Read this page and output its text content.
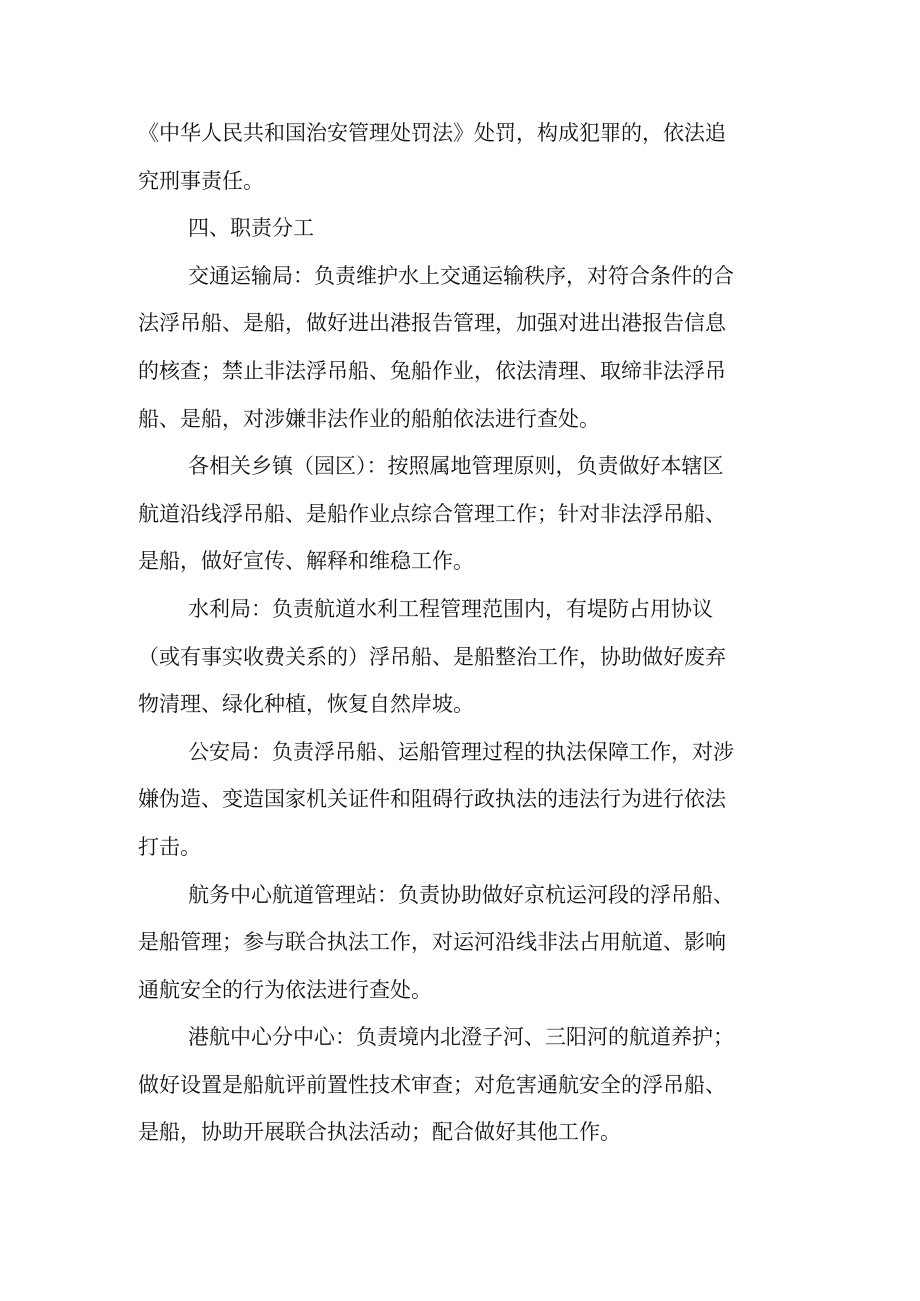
《中华人民共和国治安管理处罚法》处罚，构成犯罪的，依法追
究刑事责任。

四、职责分工

交通运输局：负责维护水上交通运输秩序，对符合条件的合
法浮吊船、是船，做好进出港报告管理，加强对进出港报告信息
的核查；禁止非法浮吊船、兔船作业，依法清理、取缔非法浮吊
船、是船，对涉嫌非法作业的船舶依法进行查处。

各相关乡镇（园区）：按照属地管理原则，负责做好本辖区
航道沿线浮吊船、是船作业点综合管理工作；针对非法浮吊船、
是船，做好宣传、解释和维稳工作。

水利局：负责航道水利工程管理范围内，有堤防占用协议
（或有事实收费关系的）浮吊船、是船整治工作，协助做好废弃
物清理、绿化种植，恢复自然岸坡。

公安局：负责浮吊船、运船管理过程的执法保障工作，对涉
嫌伪造、变造国家机关证件和阻碍行政执法的违法行为进行依法
打击。

航务中心航道管理站：负责协助做好京杭运河段的浮吊船、
是船管理；参与联合执法工作，对运河沿线非法占用航道、影响
通航安全的行为依法进行查处。

港航中心分中心：负责境内北澄子河、三阳河的航道养护；
做好设置是船航评前置性技术审查；对危害通航安全的浮吊船、
是船，协助开展联合执法活动；配合做好其他工作。
